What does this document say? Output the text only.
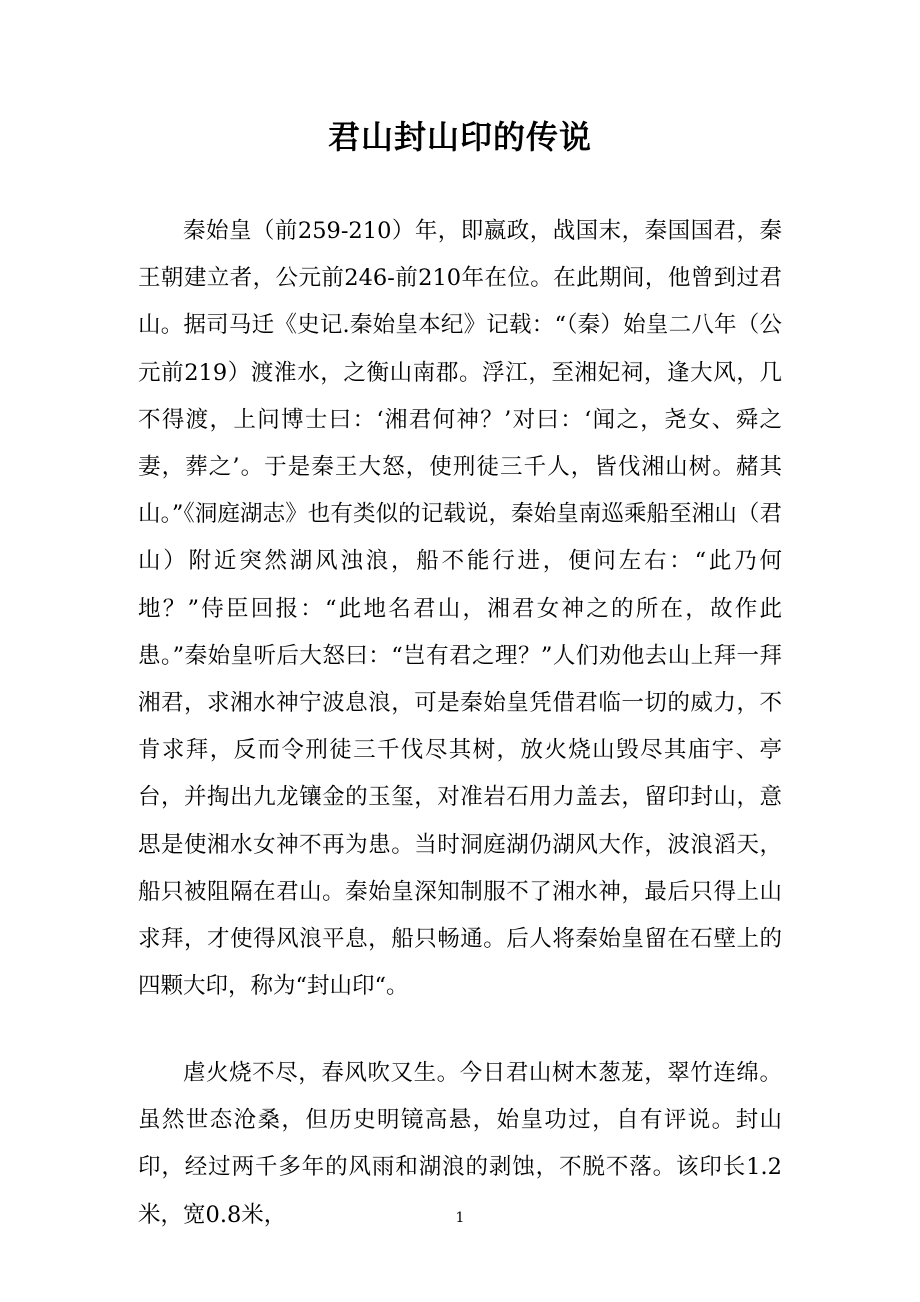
君山封山印的传说

秦始皇（前259-210）年，即嬴政，战国末，秦国国君，秦王朝建立者，公元前246-前210年在位。在此期间，他曾到过君山。据司马迁《史记.秦始皇本纪》记载：“（秦）始皇二八年（公元前219）渡淮水，之衡山南郡。浮江，至湘妃祠，逢大风，几不得渡，上问博士曰：‘湘君何神？’对曰：‘闻之，尧女、舜之妻，葬之’。于是秦王大怒，使刑徒三千人，皆伐湘山树。赭其山。”《洞庭湖志》也有类似的记载说，秦始皇南巡乘船至湘山（君山）附近突然湖风浊浪，船不能行进，便问左右：“此乃何地？”侍臣回报：“此地名君山，湘君女神之的所在，故作此患。”秦始皇听后大怒曰：“岂有君之理？”人们劝他去山上拜一拜湘君，求湘水神宁波息浪，可是秦始皇凭借君临一切的威力，不肯求拜，反而令刑徒三千伐尽其树，放火烧山毁尽其庙宇、亭台，并掏出九龙镶金的玉玺，对准岩石用力盖去，留印封山，意思是使湘水女神不再为患。当时洞庭湖仍湖风大作，波浪滔天，船只被阻隔在君山。秦始皇深知制服不了湘水神，最后只得上山求拜，才使得风浪平息，船只畅通。后人将秦始皇留在石壁上的四颗大印，称为“封山印“。

虐火烧不尽，春风吹又生。今日君山树木葱茏，翠竹连绵。虽然世态沧桑，但历史明镜高悬，始皇功过，自有评说。封山印，经过两千多年的风雨和湖浪的剥蚀，不脱不落。该印长1.2米，宽0.8米，	1
